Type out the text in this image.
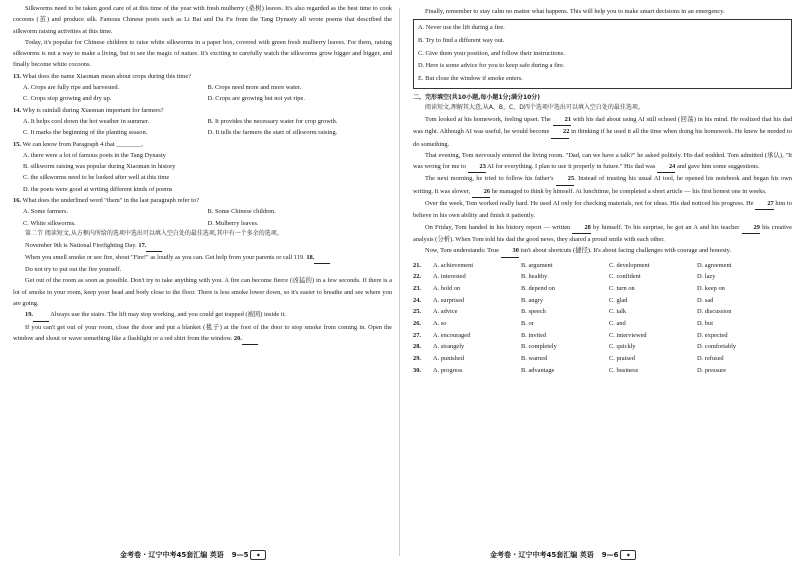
Silkworms need to be taken good care of at this time of the year with fresh mulberry (桑树) leaves. It's also regarded as the best time to cook cocoons (茧) and produce silk. Famous Chinese poets such as Li Bai and Du Fu from the Tang Dynasty all wrote poems that described the silkworm raising activities at this time.

Today, it's popular for Chinese children to raise white silkworms in a paper box, covered with green fresh mulberry leaves. For them, raising silkworms is not a way to make a living, but to see the magic of nature. It's exciting to carefully watch the silkworms grow bigger and bigger, and finally become white cocoons.

13. What does the name Xiaoman mean about crops during this time?

A. Crops are fully ripe and harvested.	B. Crops need more and more water.
C. Crops stop growing and dry up.	D. Crops are growing but not yet ripe.

14. Why is rainfall during Xiaoman important for farmers?

A. It helps cool down the hot weather in summer.	B. It provides the necessary water for crop growth.
C. It marks the beginning of the planting season.	D. It tells the farmers the start of silkworm raising.

15. We can know from Paragraph 4 that ________.

A. there were a lot of famous poets in the Tang Dynasty
B. silkworm raising was popular during Xiaoman in history
C. the silkworms need to be looked after well at this time
D. the poets were good at writing different kinds of poems

16. What does the underlined word "them" in the last paragraph refer to?

A. Some farmers.	B. Some Chinese children.
C. White silkworms.	D. Mulberry leaves.

第二节 阅读短文,从方框内所给的选项中选出可以填入空白处的最佳选项,其中有一个多余的选项。

November 9th is National Firefighting Day. 17.

When you smell smoke or see fire, shout "Fire!" as loudly as you can. Get help from your parents or call 119. 18.

Do not try to put out the fire yourself.

Get out of the room as soon as possible. Don't try to take anything with you. A fire can become fierce (凶猛的) in a few seconds. If there is a lot of smoke in your room, keep your head and body close to the floor. There is less smoke lower down, so it's easier to breathe and see where you are going.

19.	Always use the stairs. The lift may stop working, and you could get trapped (被困) inside it.

If you can't get out of your room, close the door and put a blanket (毯子) at the foot of the door to stop smoke from coming in. Open the window and shout or wave something like a flashlight or a red shirt from the window. 20.

金考卷 · 辽宁中考45套汇编 英语 9—5 ◆

Finally, remember to stay calm no matter what happens. This will help you to make smart decisions in an emergency.

A. Never use the lift during a fire.

B. Try to find a different way out.

C. Give them your position, and follow their instructions.

D. Here is some advice for you to keep safe during a fire.

E. But close the window if smoke enters.

二、完形填空(共10小题,每小题1分;满分10分)

阅读短文,理解其大意,从A、B、C、D四个选项中选出可以填入空白处的最佳选项。

Tom looked at his homework, feeling upset. The 21 with his dad about using AI still echoed (回荡) in his mind. He realized that his dad was right. Although AI was useful, he would become 22 in thinking if he used it all the time when doing his homework. He knew he needed to do something.

That evening, Tom nervously entered the living room. "Dad, can we have a talk?" he asked politely. His dad nodded. Tom admitted (承认), "It was wrong for me to 23 AI for everything. I plan to use it properly in future." His dad was 24 and gave him some suggestions.

The next morning, he tried to follow his father's 25. Instead of trusting his usual AI tool, he opened his notebook and began his own writing. It was slower, 26 he managed to think by himself. At lunchtime, he completed a short article — his first honest one in weeks.

Over the week, Tom worked really hard. He used AI only for checking materials, not for ideas. His dad noticed his progress. He 27 him to believe in his own ability and finish it patiently.

On Friday, Tom handed in his history report — written 28 by himself. To his surprise, he got an A and his teacher 29 his creative analysis (分析). When Tom told his dad the good news, they shared a proud smile with each other.

Now, Tom understands: True 30 isn't about shortcuts (捷径). It's about facing challenges with courage and honesty.

21.	A. achievement	B. argument	C. development	D. agreement
22.	A. interested	B. healthy	C. confident	D. lazy
23.	A. hold on	B. depend on	C. turn on	D. keep on
24.	A. surprised	B. angry	C. glad	D. sad
25.	A. advice	B. speech	C. talk	D. discussion
26.	A. so	B. or	C. and	D. but
27.	A. encouraged	B. invited	C. interviewed	D. expected
28.	A. strangely	B. completely	C. quickly	D. comfortably
29.	A. punished	B. warned	C. praised	D. refused
30.	A. progress	B. advantage	C. business	D. pressure
金考卷 · 辽宁中考45套汇编 英语 9—6 ◆
